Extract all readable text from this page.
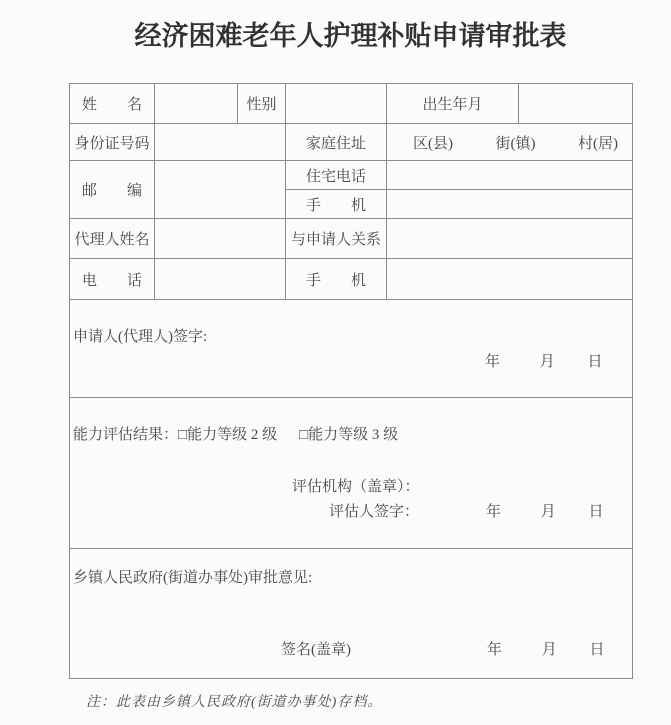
经济困难老年人护理补贴申请审批表
姓　　名		性别		出生年月	
身份证号码			家庭住址	区(县) 街(镇) 村(居)	

邮　　编			住宅电话		
			手　　机		
代理人姓名			与申请人关系		
电　　话			手　　机		

申请人(代理人)签字:
年 月 日					

能力评估结果：□能力等级 2 级 □能力等级 3 级
评估机构（盖章）：
评估人签字： 年 月 日					

乡镇人民政府(街道办事处)审批意见:
签名(盖章) 年 月 日					
注：此表由乡镇人民政府(街道办事处)存档。
